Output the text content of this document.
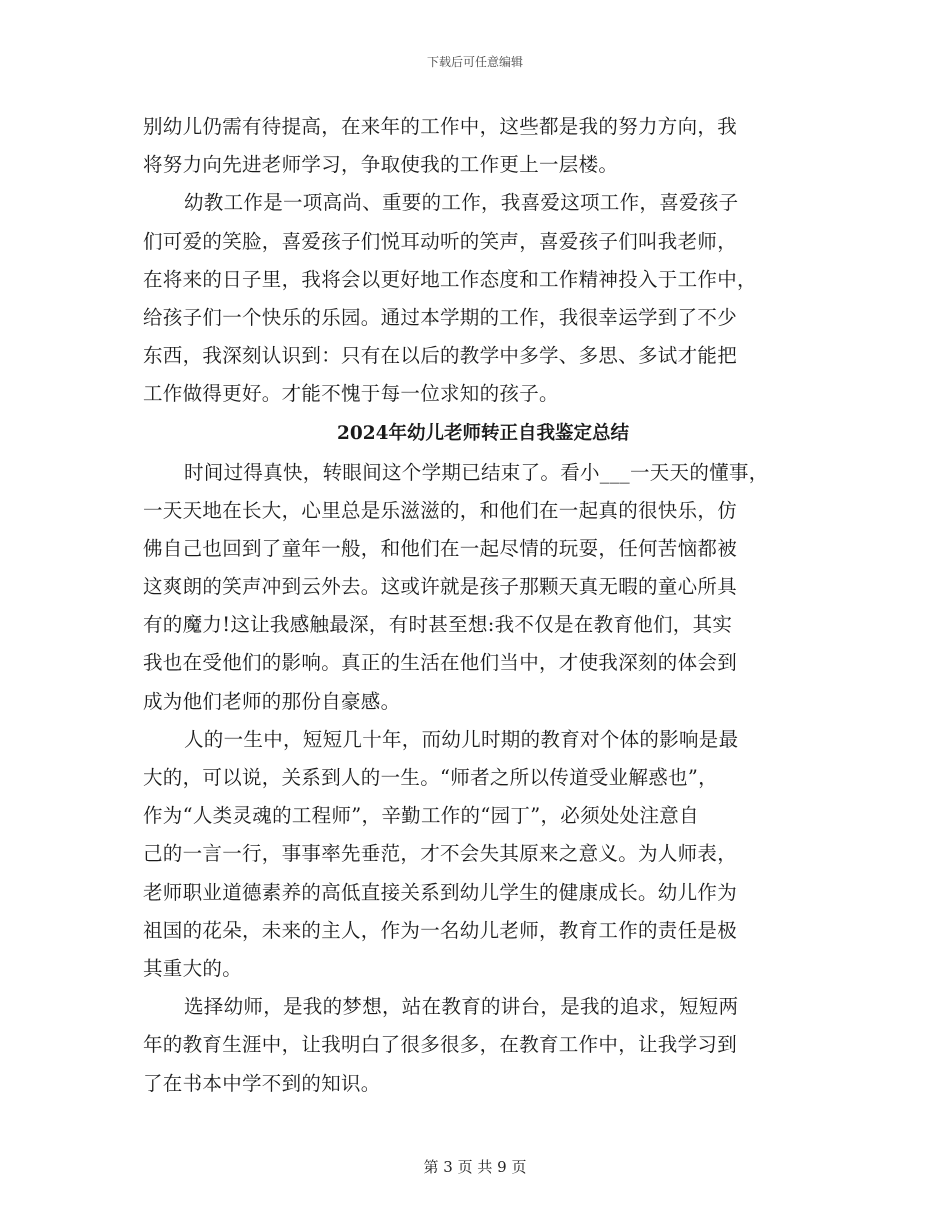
下载后可任意编辑
别幼儿仍需有待提高，在来年的工作中，这些都是我的努力方向，我
将努力向先进老师学习，争取使我的工作更上一层楼。
幼教工作是一项高尚、重要的工作，我喜爱这项工作，喜爱孩子
们可爱的笑脸，喜爱孩子们悦耳动听的笑声，喜爱孩子们叫我老师，
在将来的日子里，我将会以更好地工作态度和工作精神投入于工作中，
给孩子们一个快乐的乐园。通过本学期的工作，我很幸运学到了不少
东西，我深刻认识到：只有在以后的教学中多学、多思、多试才能把
工作做得更好。才能不愧于每一位求知的孩子。
2024年幼儿老师转正自我鉴定总结
时间过得真快，转眼间这个学期已结束了。看小___一天天的懂事，
一天天地在长大，心里总是乐滋滋的，和他们在一起真的很快乐，仿
佛自己也回到了童年一般，和他们在一起尽情的玩耍，任何苦恼都被
这爽朗的笑声冲到云外去。这或许就是孩子那颗天真无暇的童心所具
有的魔力!这让我感触最深，有时甚至想:我不仅是在教育他们，其实
我也在受他们的影响。真正的生活在他们当中，才使我深刻的体会到
成为他们老师的那份自豪感。
人的一生中，短短几十年，而幼儿时期的教育对个体的影响是最
大的，可以说，关系到人的一生。“师者之所以传道受业解惑也”，
作为“人类灵魂的工程师”，辛勤工作的“园丁”，必须处处注意自
己的一言一行，事事率先垂范，才不会失其原来之意义。为人师表，
老师职业道德素养的高低直接关系到幼儿学生的健康成长。幼儿作为
祖国的花朵，未来的主人，作为一名幼儿老师，教育工作的责任是极
其重大的。
选择幼师，是我的梦想，站在教育的讲台，是我的追求，短短两
年的教育生涯中，让我明白了很多很多，在教育工作中，让我学习到
了在书本中学不到的知识。
第 3 页 共 9 页
